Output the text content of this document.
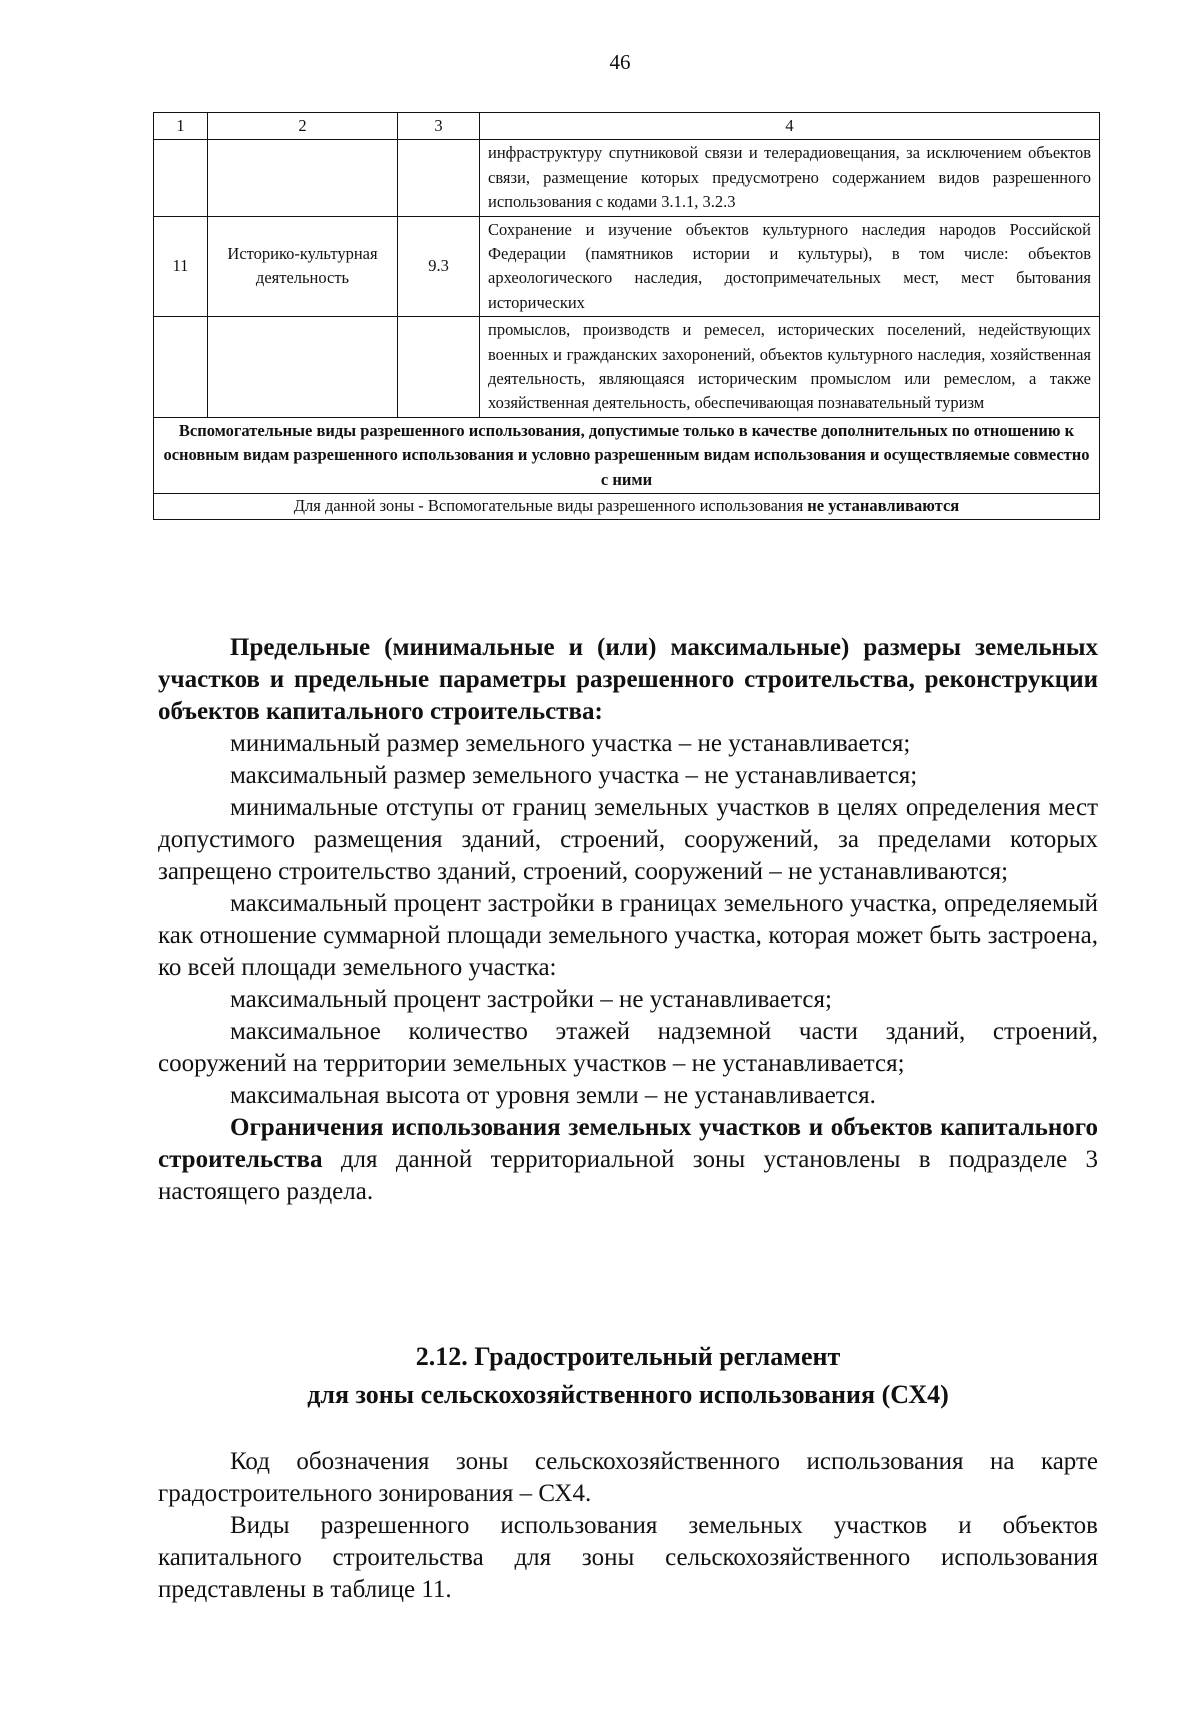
46
1	2	3	4
			инфраструктуру спутниковой связи и телерадиовещания, за исключением объектов связи, размещение которых предусмотрено содержанием видов разрешенного использования с кодами 3.1.1, 3.2.3
11	Историко-культурная деятельность	9.3	Сохранение и изучение объектов культурного наследия народов Российской Федерации (памятников истории и культуры), в том числе: объектов археологического наследия, достопримечательных мест, мест бытования исторических
			промыслов, производств и ремесел, исторических поселений, недействующих военных и гражданских захоронений, объектов культурного наследия, хозяйственная деятельность, являющаяся историческим промыслом или ремеслом, а также хозяйственная деятельность, обеспечивающая познавательный туризм
Вспомогательные виды разрешенного использования, допустимые только в качестве дополнительных по отношению к основным видам разрешенного использования и условно разрешенным видам использования и осуществляемые совместно с ними			
Для данной зоны - Вспомогательные виды разрешенного использования не устанавливаются			

Предельные (минимальные и (или) максимальные) размеры земельных участков и предельные параметры разрешенного строительства, реконструкции объектов капитального строительства:

минимальный размер земельного участка – не устанавливается;

максимальный размер земельного участка – не устанавливается;

минимальные отступы от границ земельных участков в целях определения мест допустимого размещения зданий, строений, сооружений, за пределами которых запрещено строительство зданий, строений, сооружений – не устанавливаются;

максимальный процент застройки в границах земельного участка, определяемый как отношение суммарной площади земельного участка, которая может быть застроена, ко всей площади земельного участка:

максимальный процент застройки – не устанавливается;

максимальное количество этажей надземной части зданий, строений, сооружений на территории земельных участков – не устанавливается;

максимальная высота от уровня земли – не устанавливается.

Ограничения использования земельных участков и объектов капитального строительства для данной территориальной зоны установлены в подразделе 3 настоящего раздела.

2.12. Градостроительный регламент
для зоны сельскохозяйственного использования (СХ4)

Код обозначения зоны сельскохозяйственного использования на карте градостроительного зонирования – СХ4.

Виды разрешенного использования земельных участков и объектов капитального строительства для зоны сельскохозяйственного использования представлены в таблице 11.
